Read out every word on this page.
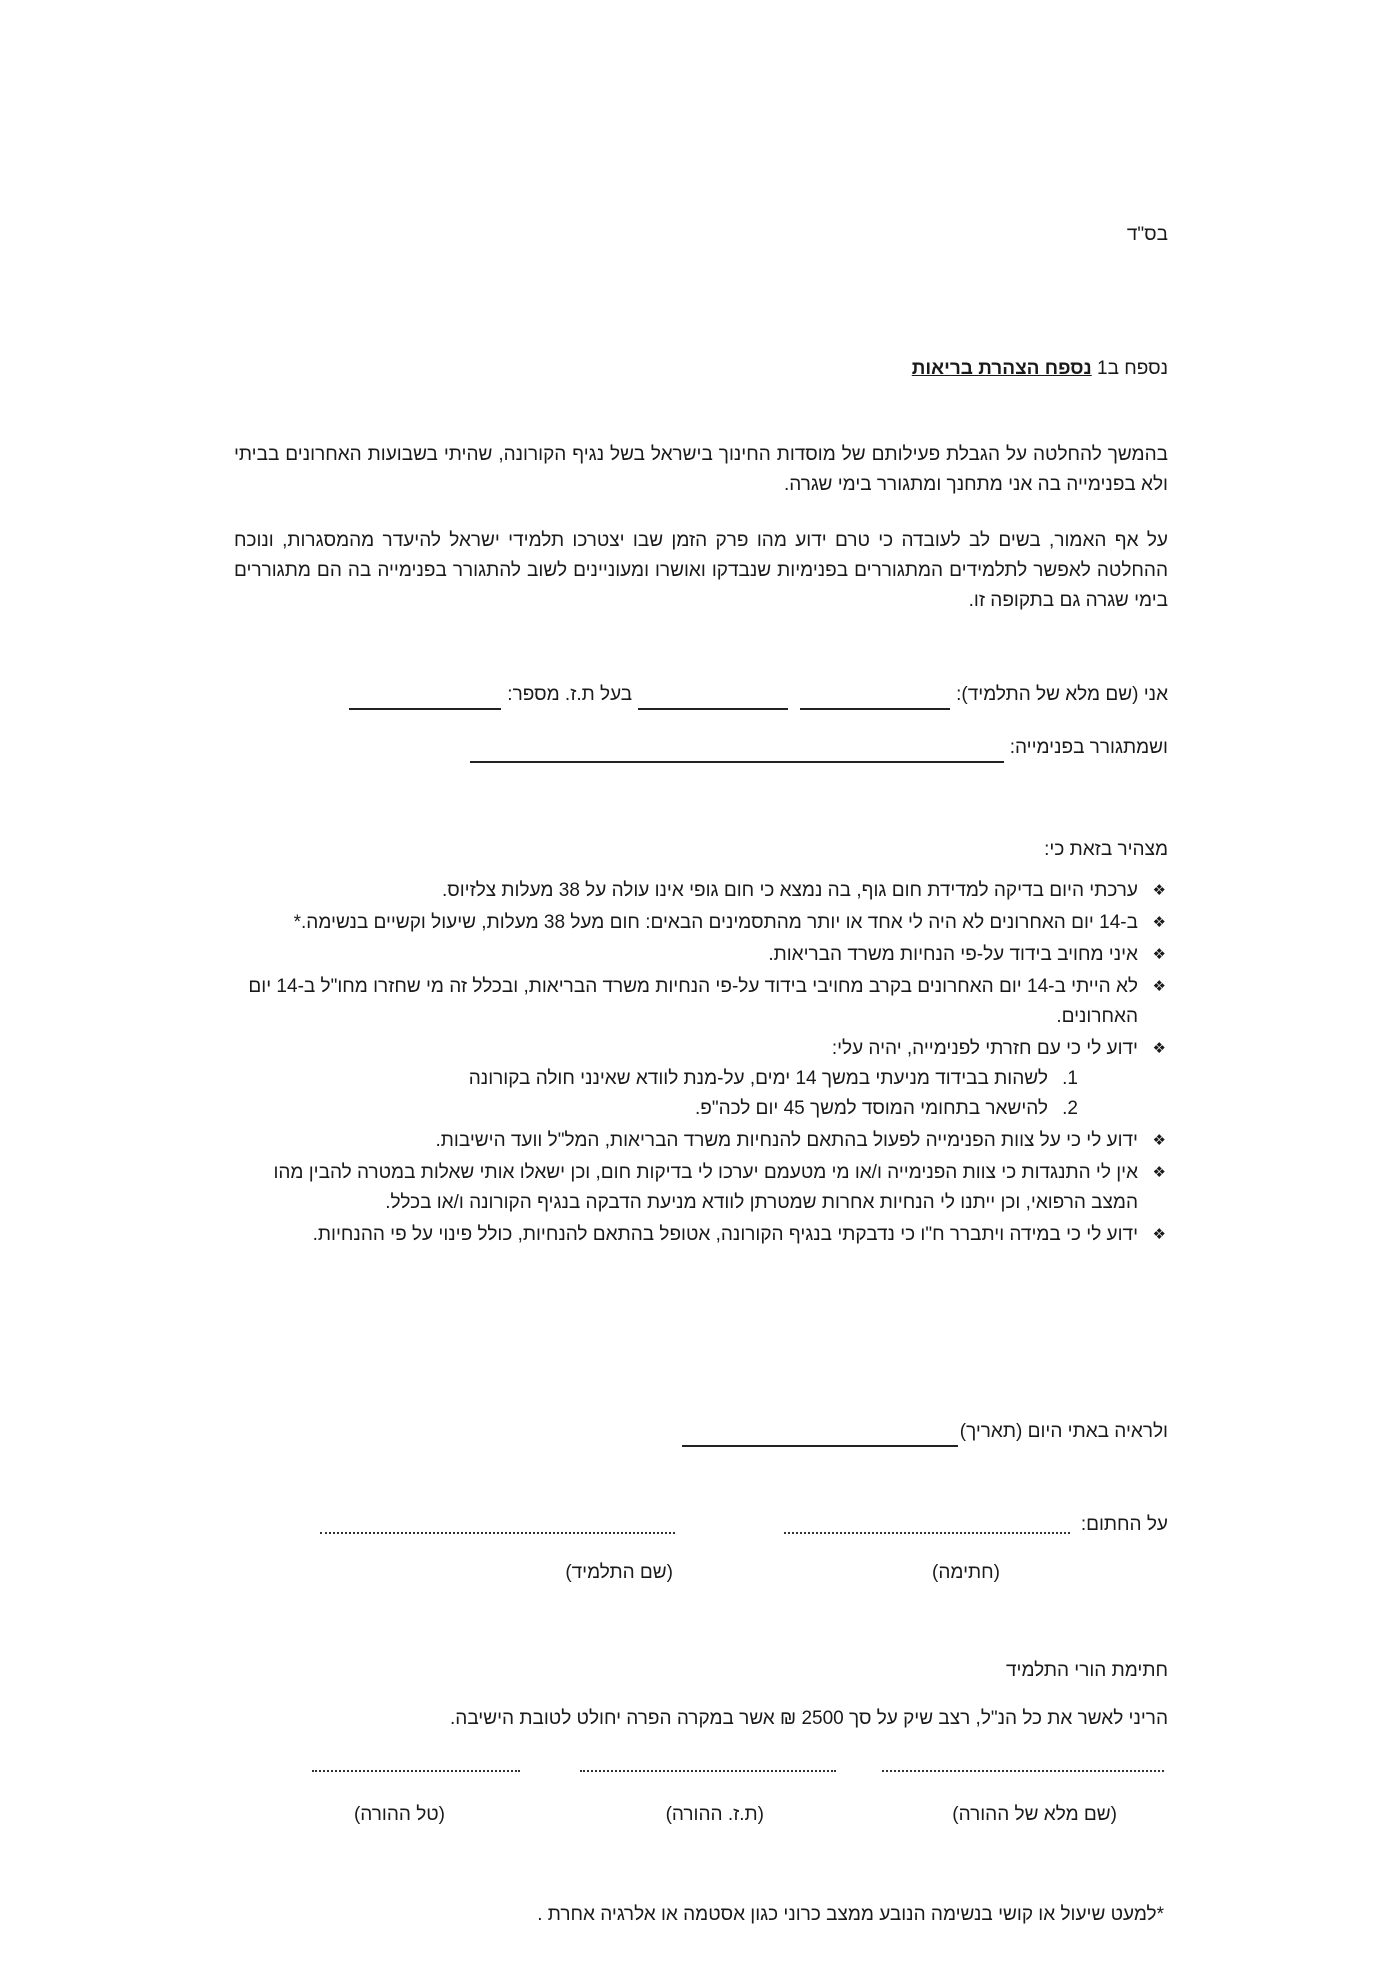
בס"ד
נספח ב1 נספח הצהרת בריאות

בהמשך להחלטה על הגבלת פעילותם של מוסדות החינוך בישראל בשל נגיף הקורונה, שהיתי בשבועות האחרונים בביתי ולא בפנימייה בה אני מתחנך ומתגורר בימי שגרה.

על אף האמור, בשים לב לעובדה כי טרם ידוע מהו פרק הזמן שבו יצטרכו תלמידי ישראל להיעדר מהמסגרות, ונוכח ההחלטה לאפשר לתלמידים המתגוררים בפנימיות שנבדקו ואושרו ומעוניינים לשוב להתגורר בפנימייה בה הם מתגוררים בימי שגרה גם בתקופה זו.

אני (שם מלא של התלמיד):
בעל ת.ז. מספר:
ושמתגורר בפנימייה:
מצהיר בזאת כי:
❖ ערכתי היום בדיקה למדידת חום גוף, בה נמצא כי חום גופי אינו עולה על 38 מעלות צלזיוס.
❖ ב-14 יום האחרונים לא היה לי אחד או יותר מהתסמינים הבאים: חום מעל 38 מעלות, שיעול וקשיים בנשימה.*
❖ איני מחויב בידוד על-פי הנחיות משרד הבריאות.
❖ לא הייתי ב-14 יום האחרונים בקרב מחויבי בידוד על-פי הנחיות משרד הבריאות, ובכלל זה מי שחזרו מחו"ל ב-14 יום האחרונים.
❖ ידוע לי כי עם חזרתי לפנימייה, יהיה עלי:
1.
לשהות בבידוד מניעתי במשך 14 ימים, על-מנת לוודא שאינני חולה בקורונה
2.
להישאר בתחומי המוסד למשך 45 יום לכה"פ.
❖ ידוע לי כי על צוות הפנימייה לפעול בהתאם להנחיות משרד הבריאות, המל"ל וועד הישיבות.
❖ אין לי התנגדות כי צוות הפנימייה ו/או מי מטעמם יערכו לי בדיקות חום, וכן ישאלו אותי שאלות במטרה להבין מהו המצב הרפואי, וכן ייתנו לי הנחיות אחרות שמטרתן לוודא מניעת הדבקה בנגיף הקורונה ו/או בכלל.
❖ ידוע לי כי במידה ויתברר ח"ו כי נדבקתי בנגיף הקורונה, אטופל בהתאם להנחיות, כולל פינוי על פי ההנחיות.
ולראיה באתי היום (תאריך)
על החתום:
(חתימה)
(שם התלמיד)
חתימת הורי התלמיד
הריני לאשר את כל הנ"ל, רצב שיק על סך 2500 ₪ אשר במקרה הפרה יחולט לטובת הישיבה.
(שם מלא של ההורה)
(ת.ז. ההורה)
(טל ההורה)
*למעט שיעול או קושי בנשימה הנובע ממצב כרוני כגון אסטמה או אלרגיה אחרת .
